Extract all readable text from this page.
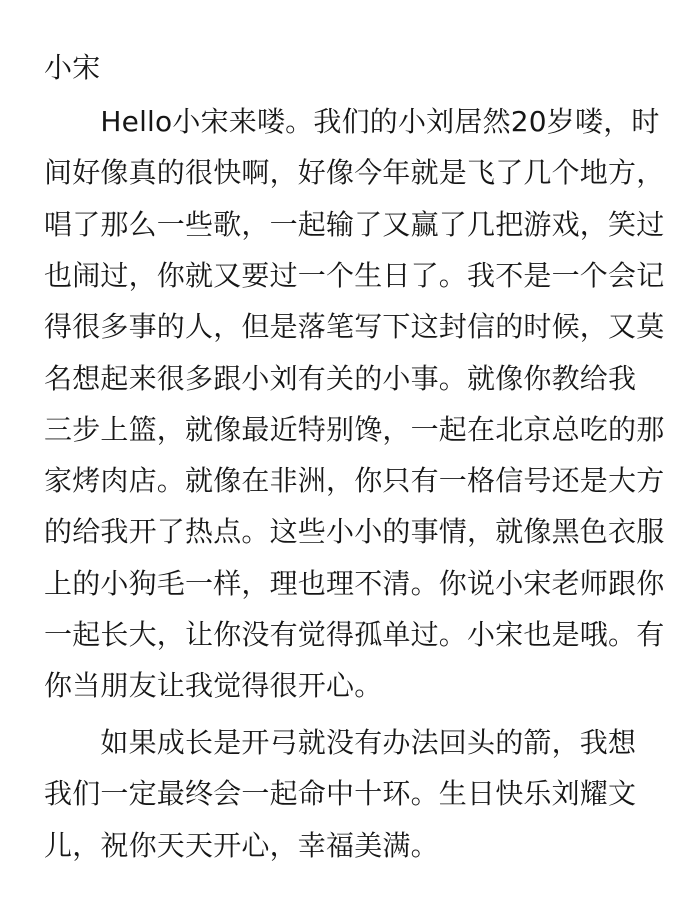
小宋
　　Hello小宋来喽。我们的小刘居然20岁喽，时
间好像真的很快啊，好像今年就是飞了几个地方，
唱了那么一些歌，一起输了又赢了几把游戏，笑过
也闹过，你就又要过一个生日了。我不是一个会记
得很多事的人，但是落笔写下这封信的时候，又莫
名想起来很多跟小刘有关的小事。就像你教给我
三步上篮，就像最近特别馋，一起在北京总吃的那
家烤肉店。就像在非洲，你只有一格信号还是大方
的给我开了热点。这些小小的事情，就像黑色衣服
上的小狗毛一样，理也理不清。你说小宋老师跟你
一起长大，让你没有觉得孤单过。小宋也是哦。有
你当朋友让我觉得很开心。
　　如果成长是开弓就没有办法回头的箭，我想
我们一定最终会一起命中十环。生日快乐刘耀文
儿，祝你天天开心，幸福美满。
